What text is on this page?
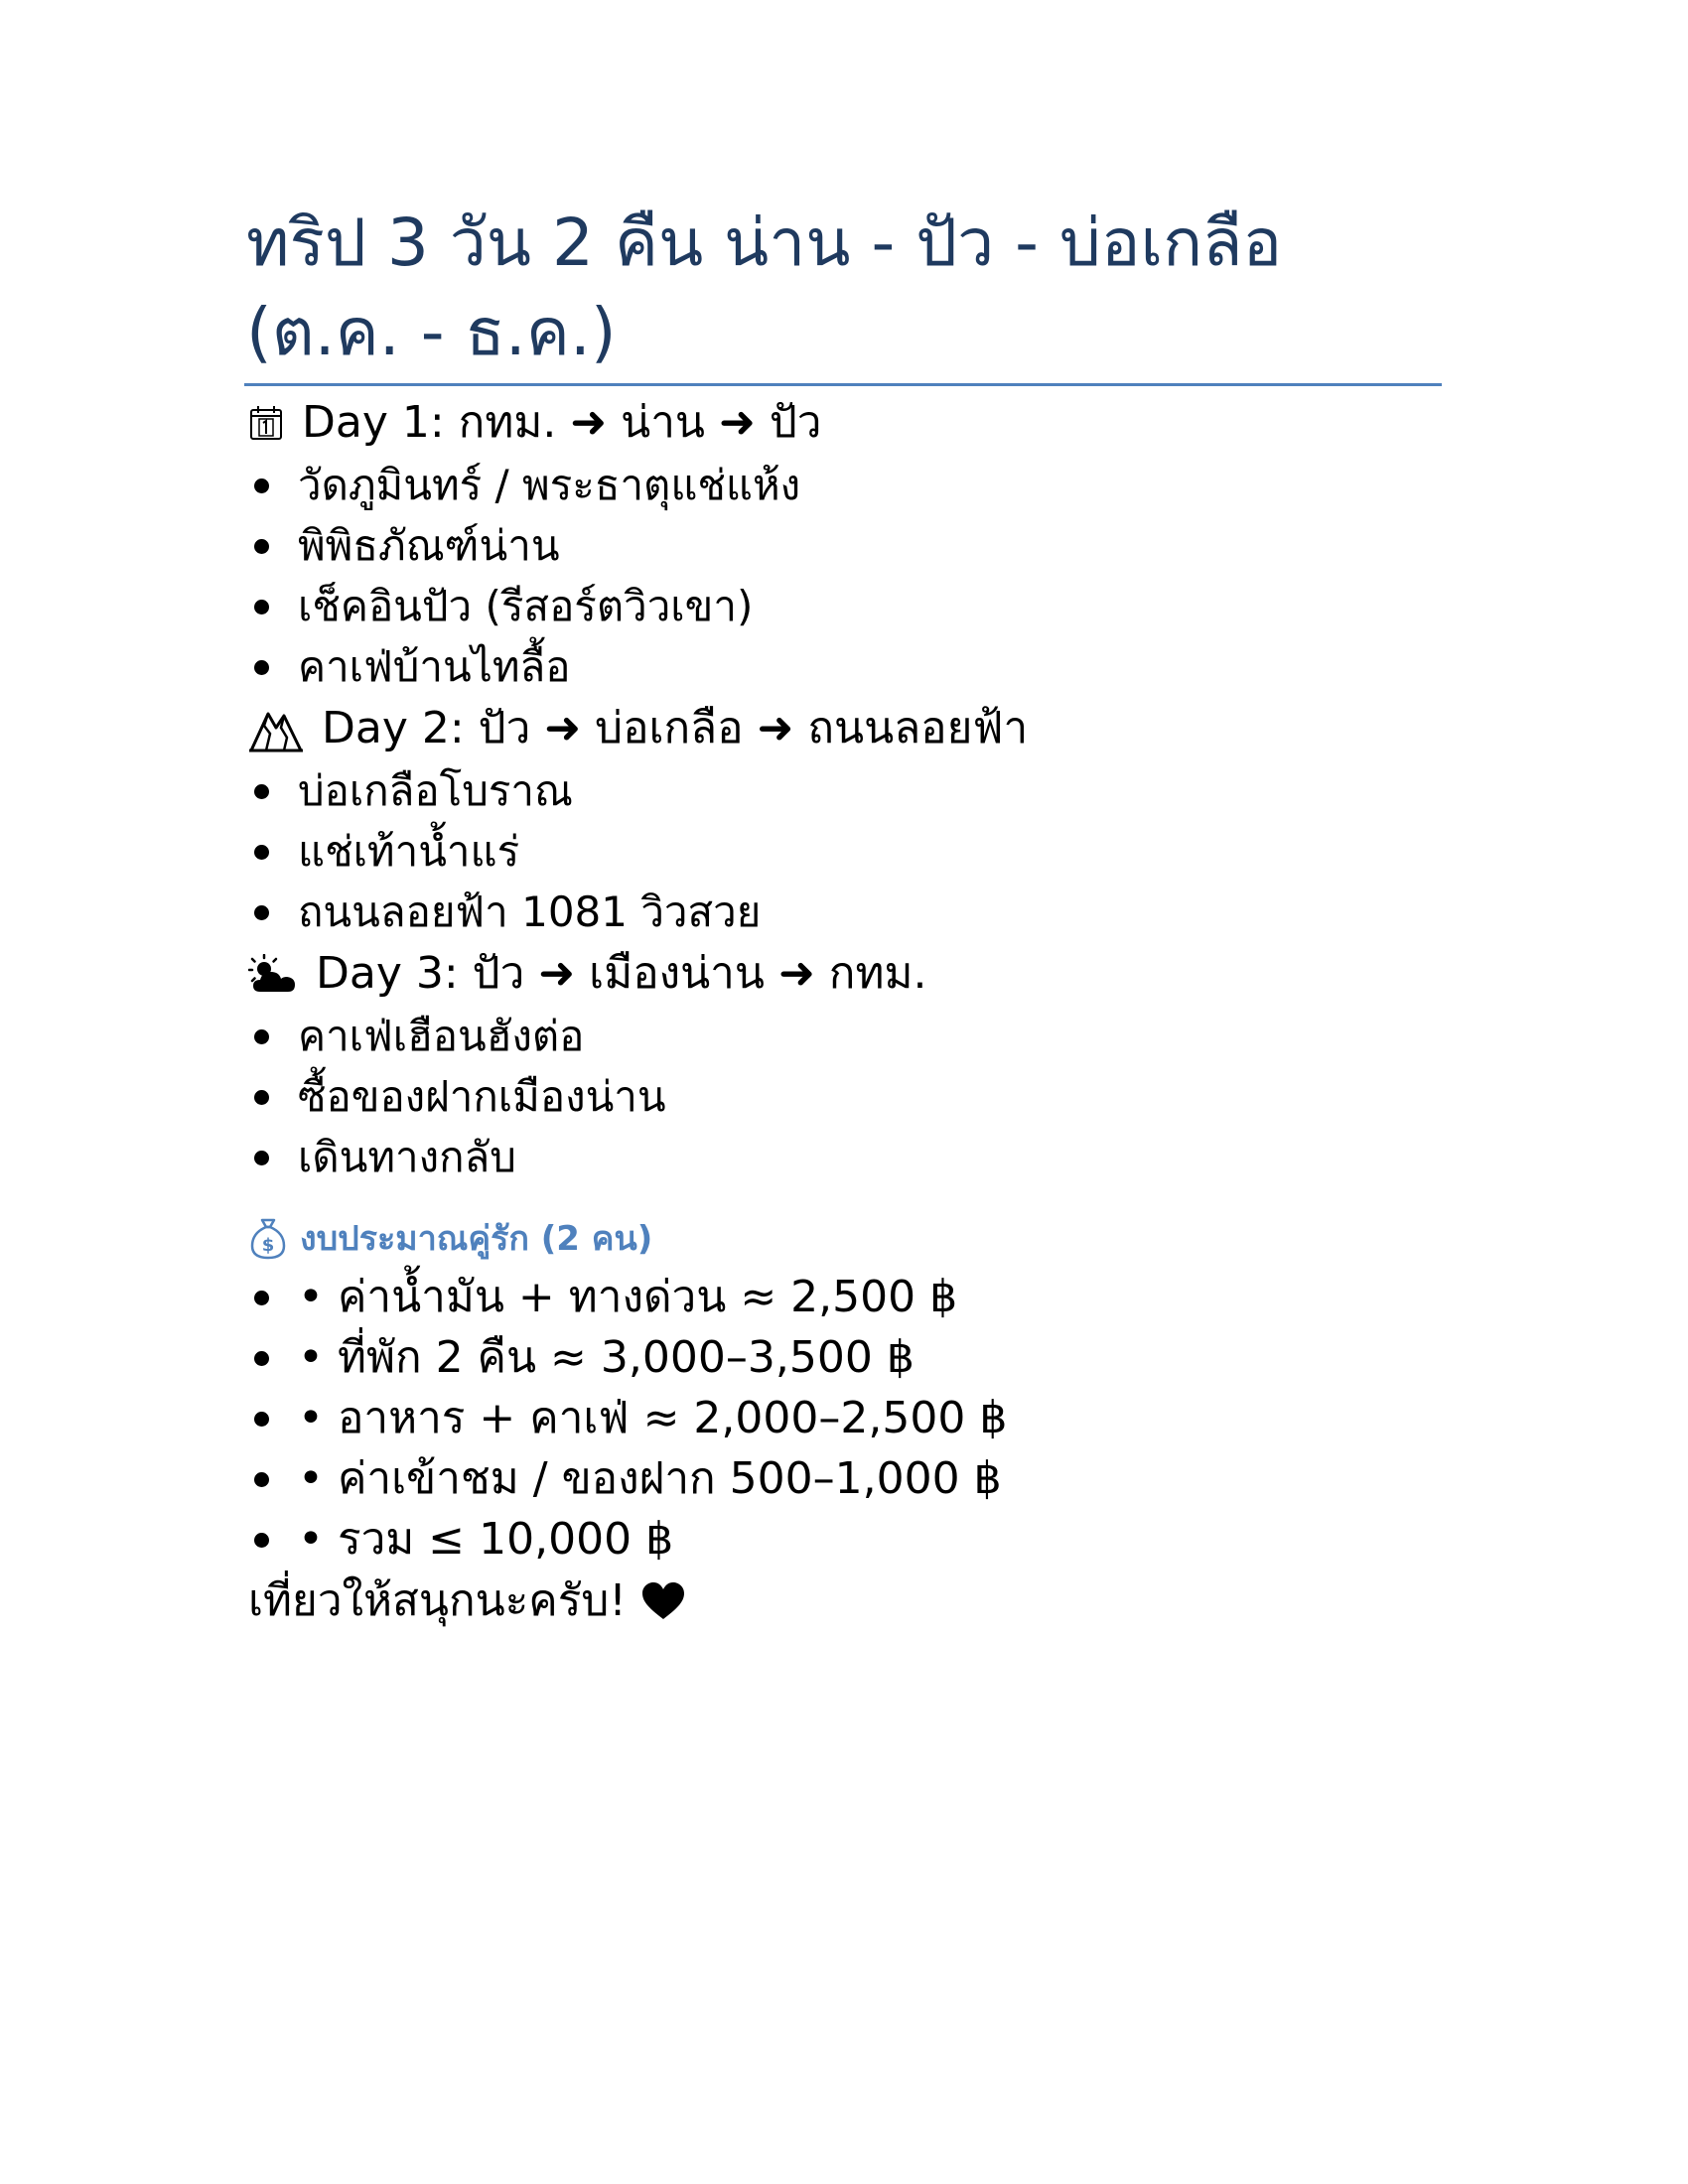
ทริป 3 วัน 2 คืน น่าน - ปัว - บ่อเกลือ (ต.ค. - ธ.ค.)
Day 1: กทม. ➜ น่าน ➜ ปัว
วัดภูมินทร์ / พระธาตุแช่แห้ง
พิพิธภัณฑ์น่าน
เช็คอินปัว (รีสอร์ตวิวเขา)
คาเฟ่บ้านไทลื้อ
Day 2: ปัว ➜ บ่อเกลือ ➜ ถนนลอยฟ้า
บ่อเกลือโบราณ
แช่เท้าน้ำแร่
ถนนลอยฟ้า 1081 วิวสวย
Day 3: ปัว ➜ เมืองน่าน ➜ กทม.
คาเฟ่เฮือนฮังต่อ
ซื้อของฝากเมืองน่าน
เดินทางกลับ
$ งบประมาณคู่รัก (2 คน)
• ค่าน้ำมัน + ทางด่วน ≈ 2,500 ฿
• ที่พัก 2 คืน ≈ 3,000–3,500 ฿
• อาหาร + คาเฟ่ ≈ 2,000–2,500 ฿
• ค่าเข้าชม / ของฝาก 500–1,000 ฿
• รวม ≤ 10,000 ฿
เที่ยวให้สนุกนะครับ!
